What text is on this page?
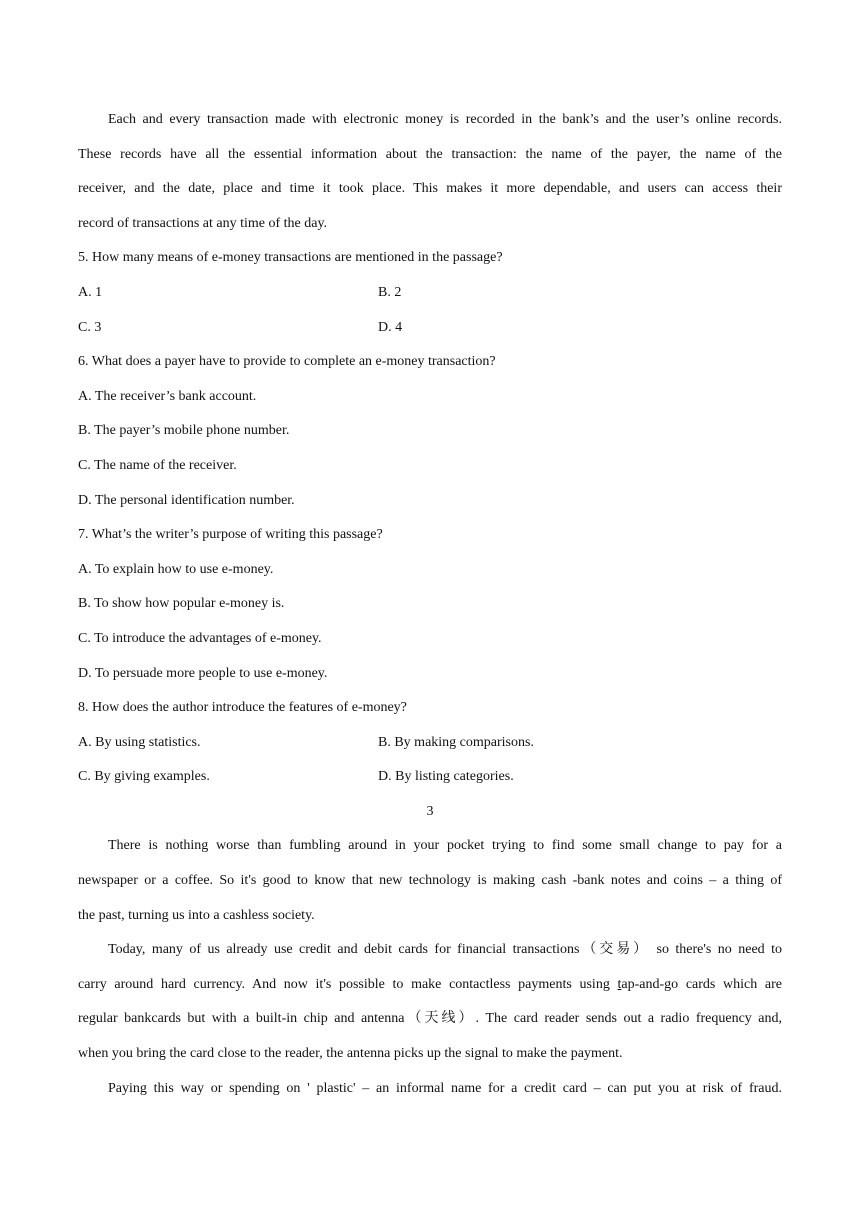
Each and every transaction made with electronic money is recorded in the bank’s and the user’s online records.
These records have all the essential information about the transaction: the name of the payer, the name of the
receiver, and the date, place and time it took place. This makes it more dependable, and users can access their
record of transactions at any time of the day.
5. How many means of e-money transactions are mentioned in the passage?
A. 1	B. 2
C. 3	D. 4
6. What does a payer have to provide to complete an e-money transaction?
A. The receiver’s bank account.
B. The payer’s mobile phone number.
C. The name of the receiver.
D. The personal identification number.
7. What’s the writer’s purpose of writing this passage?
A. To explain how to use e-money.
B. To show how popular e-money is.
C. To introduce the advantages of e-money.
D. To persuade more people to use e-money.
8. How does the author introduce the features of e-money?
A. By using statistics.	B. By making comparisons.
C. By giving examples.	D. By listing categories.
3
There is nothing worse than fumbling around in your pocket trying to find some small change to pay for a
newspaper or a coffee. So it's good to know that new technology is making cash -bank notes and coins – a thing of
the past, turning us into a cashless society.
Today, many of us already use credit and debit cards for financial transactions（交易） so there's no need to
carry around hard currency. And now it's possible to make contactless payments using tap-and-go cards which are
regular bankcards but with a built-in chip and antenna（天线）. The card reader sends out a radio frequency and,
when you bring the card close to the reader, the antenna picks up the signal to make the payment.
Paying this way or spending on ' plastic' – an informal name for a credit card – can put you at risk of fraud.
